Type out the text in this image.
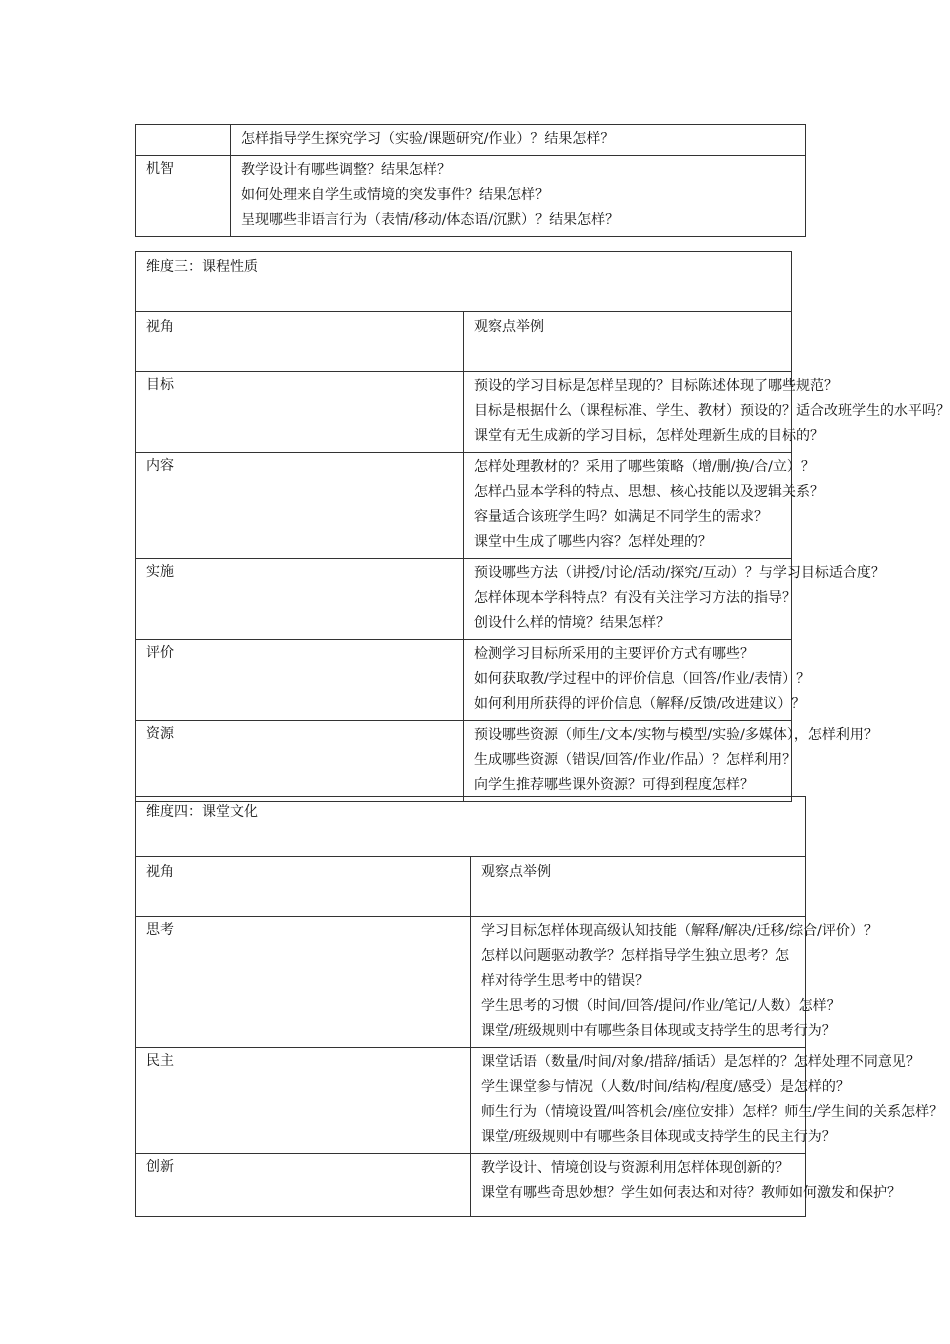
	怎样指导学生探究学习（实验/课题研究/作业）？结果怎样？

机智	教学设计有哪些调整？结果怎样？
如何处理来自学生或情境的突发事件？结果怎样？
呈现哪些非语言行为（表情/移动/体态语/沉默）？结果怎样？
维度三：课程性质	
视角	观察点举例
目标	预设的学习目标是怎样呈现的？目标陈述体现了哪些规范？
目标是根据什么（课程标准、学生、教材）预设的？适合改班学生的水平吗？
课堂有无生成新的学习目标，怎样处理新生成的目标的？

内容	怎样处理教材的？采用了哪些策略（增/删/换/合/立）？
怎样凸显本学科的特点、思想、核心技能以及逻辑关系？
容量适合该班学生吗？如满足不同学生的需求？
课堂中生成了哪些内容？怎样处理的？

实施	预设哪些方法（讲授/讨论/活动/探究/互动）？与学习目标适合度？
怎样体现本学科特点？有没有关注学习方法的指导？
创设什么样的情境？结果怎样？

评价	检测学习目标所采用的主要评价方式有哪些？
如何获取教/学过程中的评价信息（回答/作业/表情）？
如何利用所获得的评价信息（解释/反馈/改进建议）？

资源	预设哪些资源（师生/文本/实物与模型/实验/多媒体），怎样利用？
生成哪些资源（错误/回答/作业/作品）？怎样利用？
向学生推荐哪些课外资源？可得到程度怎样？
维度四：课堂文化	
视角	观察点举例
思考	学习目标怎样体现高级认知技能（解释/解决/迁移/综合/评价）？
怎样以问题驱动教学？怎样指导学生独立思考？怎样对待学生思考中的错误？
学生思考的习惯（时间/回答/提问/作业/笔记/人数）怎样？
课堂/班级规则中有哪些条目体现或支持学生的思考行为？

民主	课堂话语（数量/时间/对象/措辞/插话）是怎样的？怎样处理不同意见？
学生课堂参与情况（人数/时间/结构/程度/感受）是怎样的？
师生行为（情境设置/叫答机会/座位安排）怎样？师生/学生间的关系怎样？
课堂/班级规则中有哪些条目体现或支持学生的民主行为？

创新	教学设计、情境创设与资源利用怎样体现创新的？
课堂有哪些奇思妙想？学生如何表达和对待？教师如何激发和保护？
